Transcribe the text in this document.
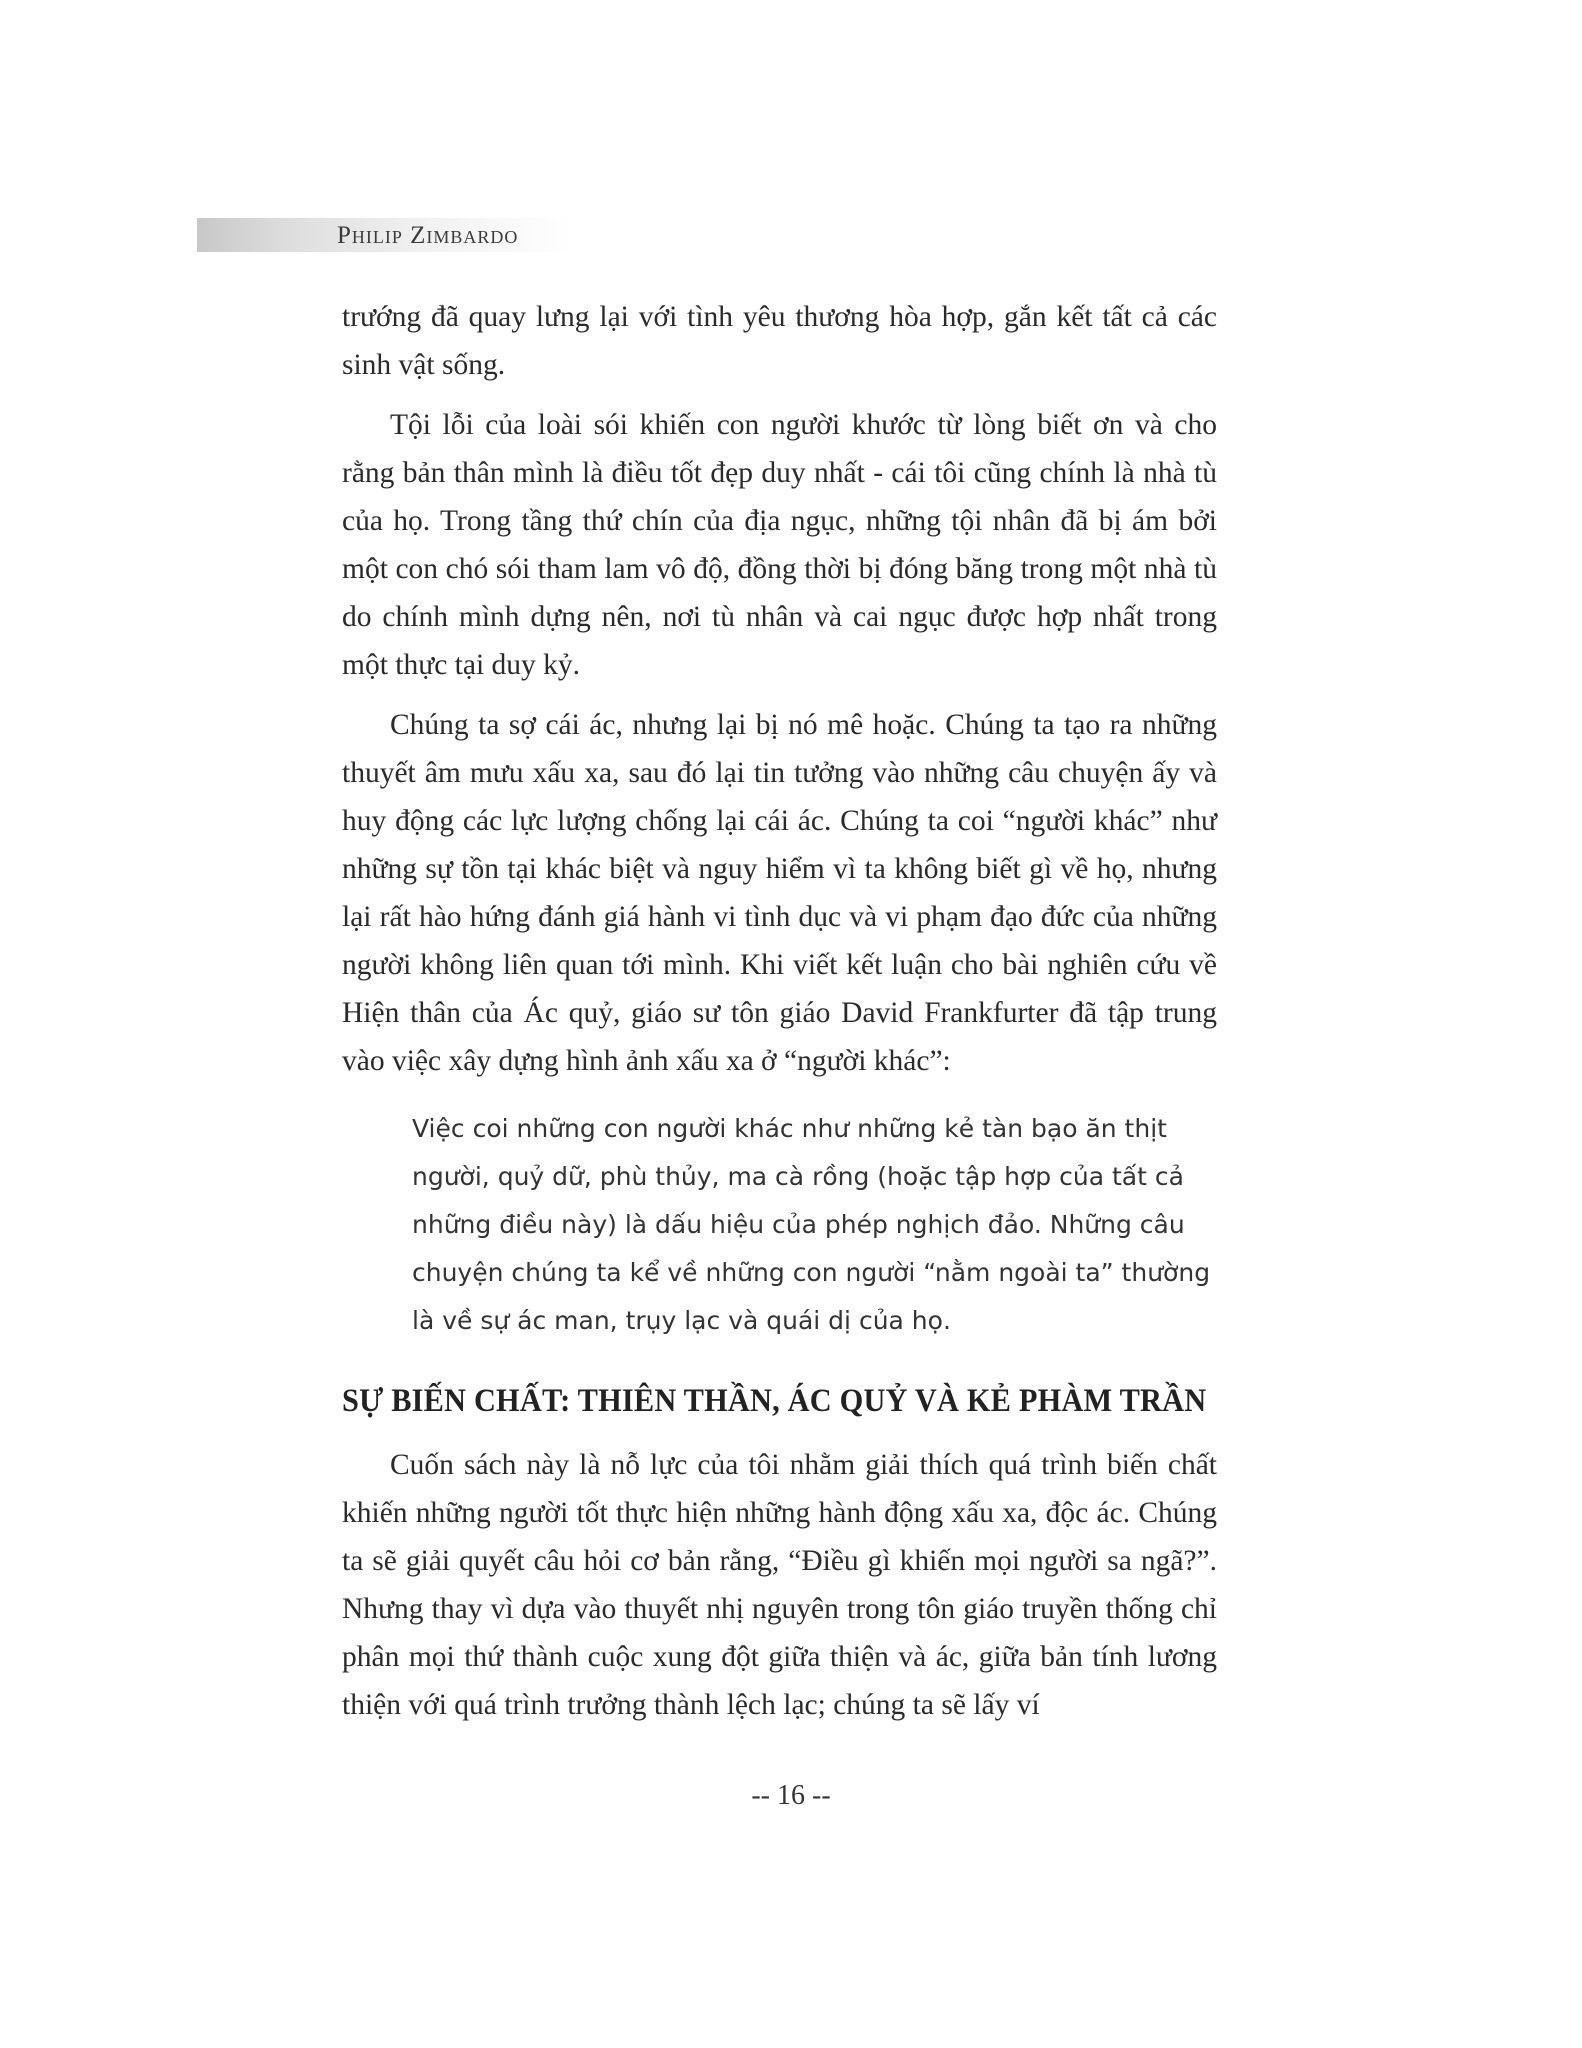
Philip Zimbardo

trướng đã quay lưng lại với tình yêu thương hòa hợp, gắn kết tất cả các sinh vật sống.

Tội lỗi của loài sói khiến con người khước từ lòng biết ơn và cho rằng bản thân mình là điều tốt đẹp duy nhất - cái tôi cũng chính là nhà tù của họ. Trong tầng thứ chín của địa ngục, những tội nhân đã bị ám bởi một con chó sói tham lam vô độ, đồng thời bị đóng băng trong một nhà tù do chính mình dựng nên, nơi tù nhân và cai ngục được hợp nhất trong một thực tại duy kỷ.

Chúng ta sợ cái ác, nhưng lại bị nó mê hoặc. Chúng ta tạo ra những thuyết âm mưu xấu xa, sau đó lại tin tưởng vào những câu chuyện ấy và huy động các lực lượng chống lại cái ác. Chúng ta coi “người khác” như những sự tồn tại khác biệt và nguy hiểm vì ta không biết gì về họ, nhưng lại rất hào hứng đánh giá hành vi tình dục và vi phạm đạo đức của những người không liên quan tới mình. Khi viết kết luận cho bài nghiên cứu về Hiện thân của Ác quỷ, giáo sư tôn giáo David Frankfurter đã tập trung vào việc xây dựng hình ảnh xấu xa ở “người khác”:

Việc coi những con người khác như những kẻ tàn bạo ăn thịt người, quỷ dữ, phù thủy, ma cà rồng (hoặc tập hợp của tất cả những điều này) là dấu hiệu của phép nghịch đảo. Những câu chuyện chúng ta kể về những con người “nằm ngoài ta” thường là về sự ác man, trụy lạc và quái dị của họ.
SỰ BIẾN CHẤT: THIÊN THẦN, ÁC QUỶ VÀ KẺ PHÀM TRẦN

Cuốn sách này là nỗ lực của tôi nhằm giải thích quá trình biến chất khiến những người tốt thực hiện những hành động xấu xa, độc ác. Chúng ta sẽ giải quyết câu hỏi cơ bản rằng, “Điều gì khiến mọi người sa ngã?”. Nhưng thay vì dựa vào thuyết nhị nguyên trong tôn giáo truyền thống chỉ phân mọi thứ thành cuộc xung đột giữa thiện và ác, giữa bản tính lương thiện với quá trình trưởng thành lệch lạc; chúng ta sẽ lấy ví

-- 16 --
